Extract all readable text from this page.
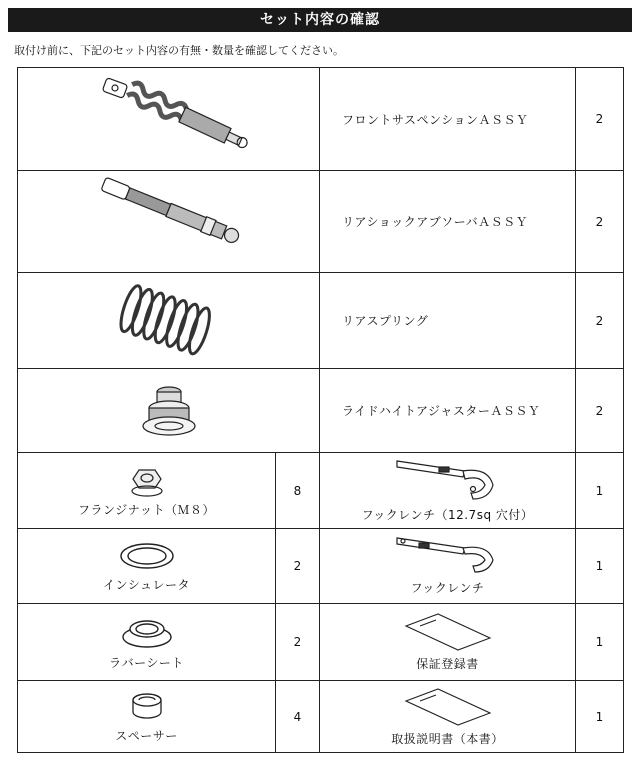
セット内容の確認
取付け前に、下記のセット内容の有無・数量を確認してください。
	フロントサスペンションＡＳＳＹ	2

	リアショックアブソーバＡＳＳＹ	2

	リアスプリング	2

	ライドハイトアジャスターＡＳＳＹ	2

フランジナット（Ｍ８）	8	フックレンチ（12.7sq 穴付）	1

インシュレータ	2	フックレンチ	1

ラバーシート	2	保証登録書	1

スペーサー	4	取扱説明書（本書）	1
